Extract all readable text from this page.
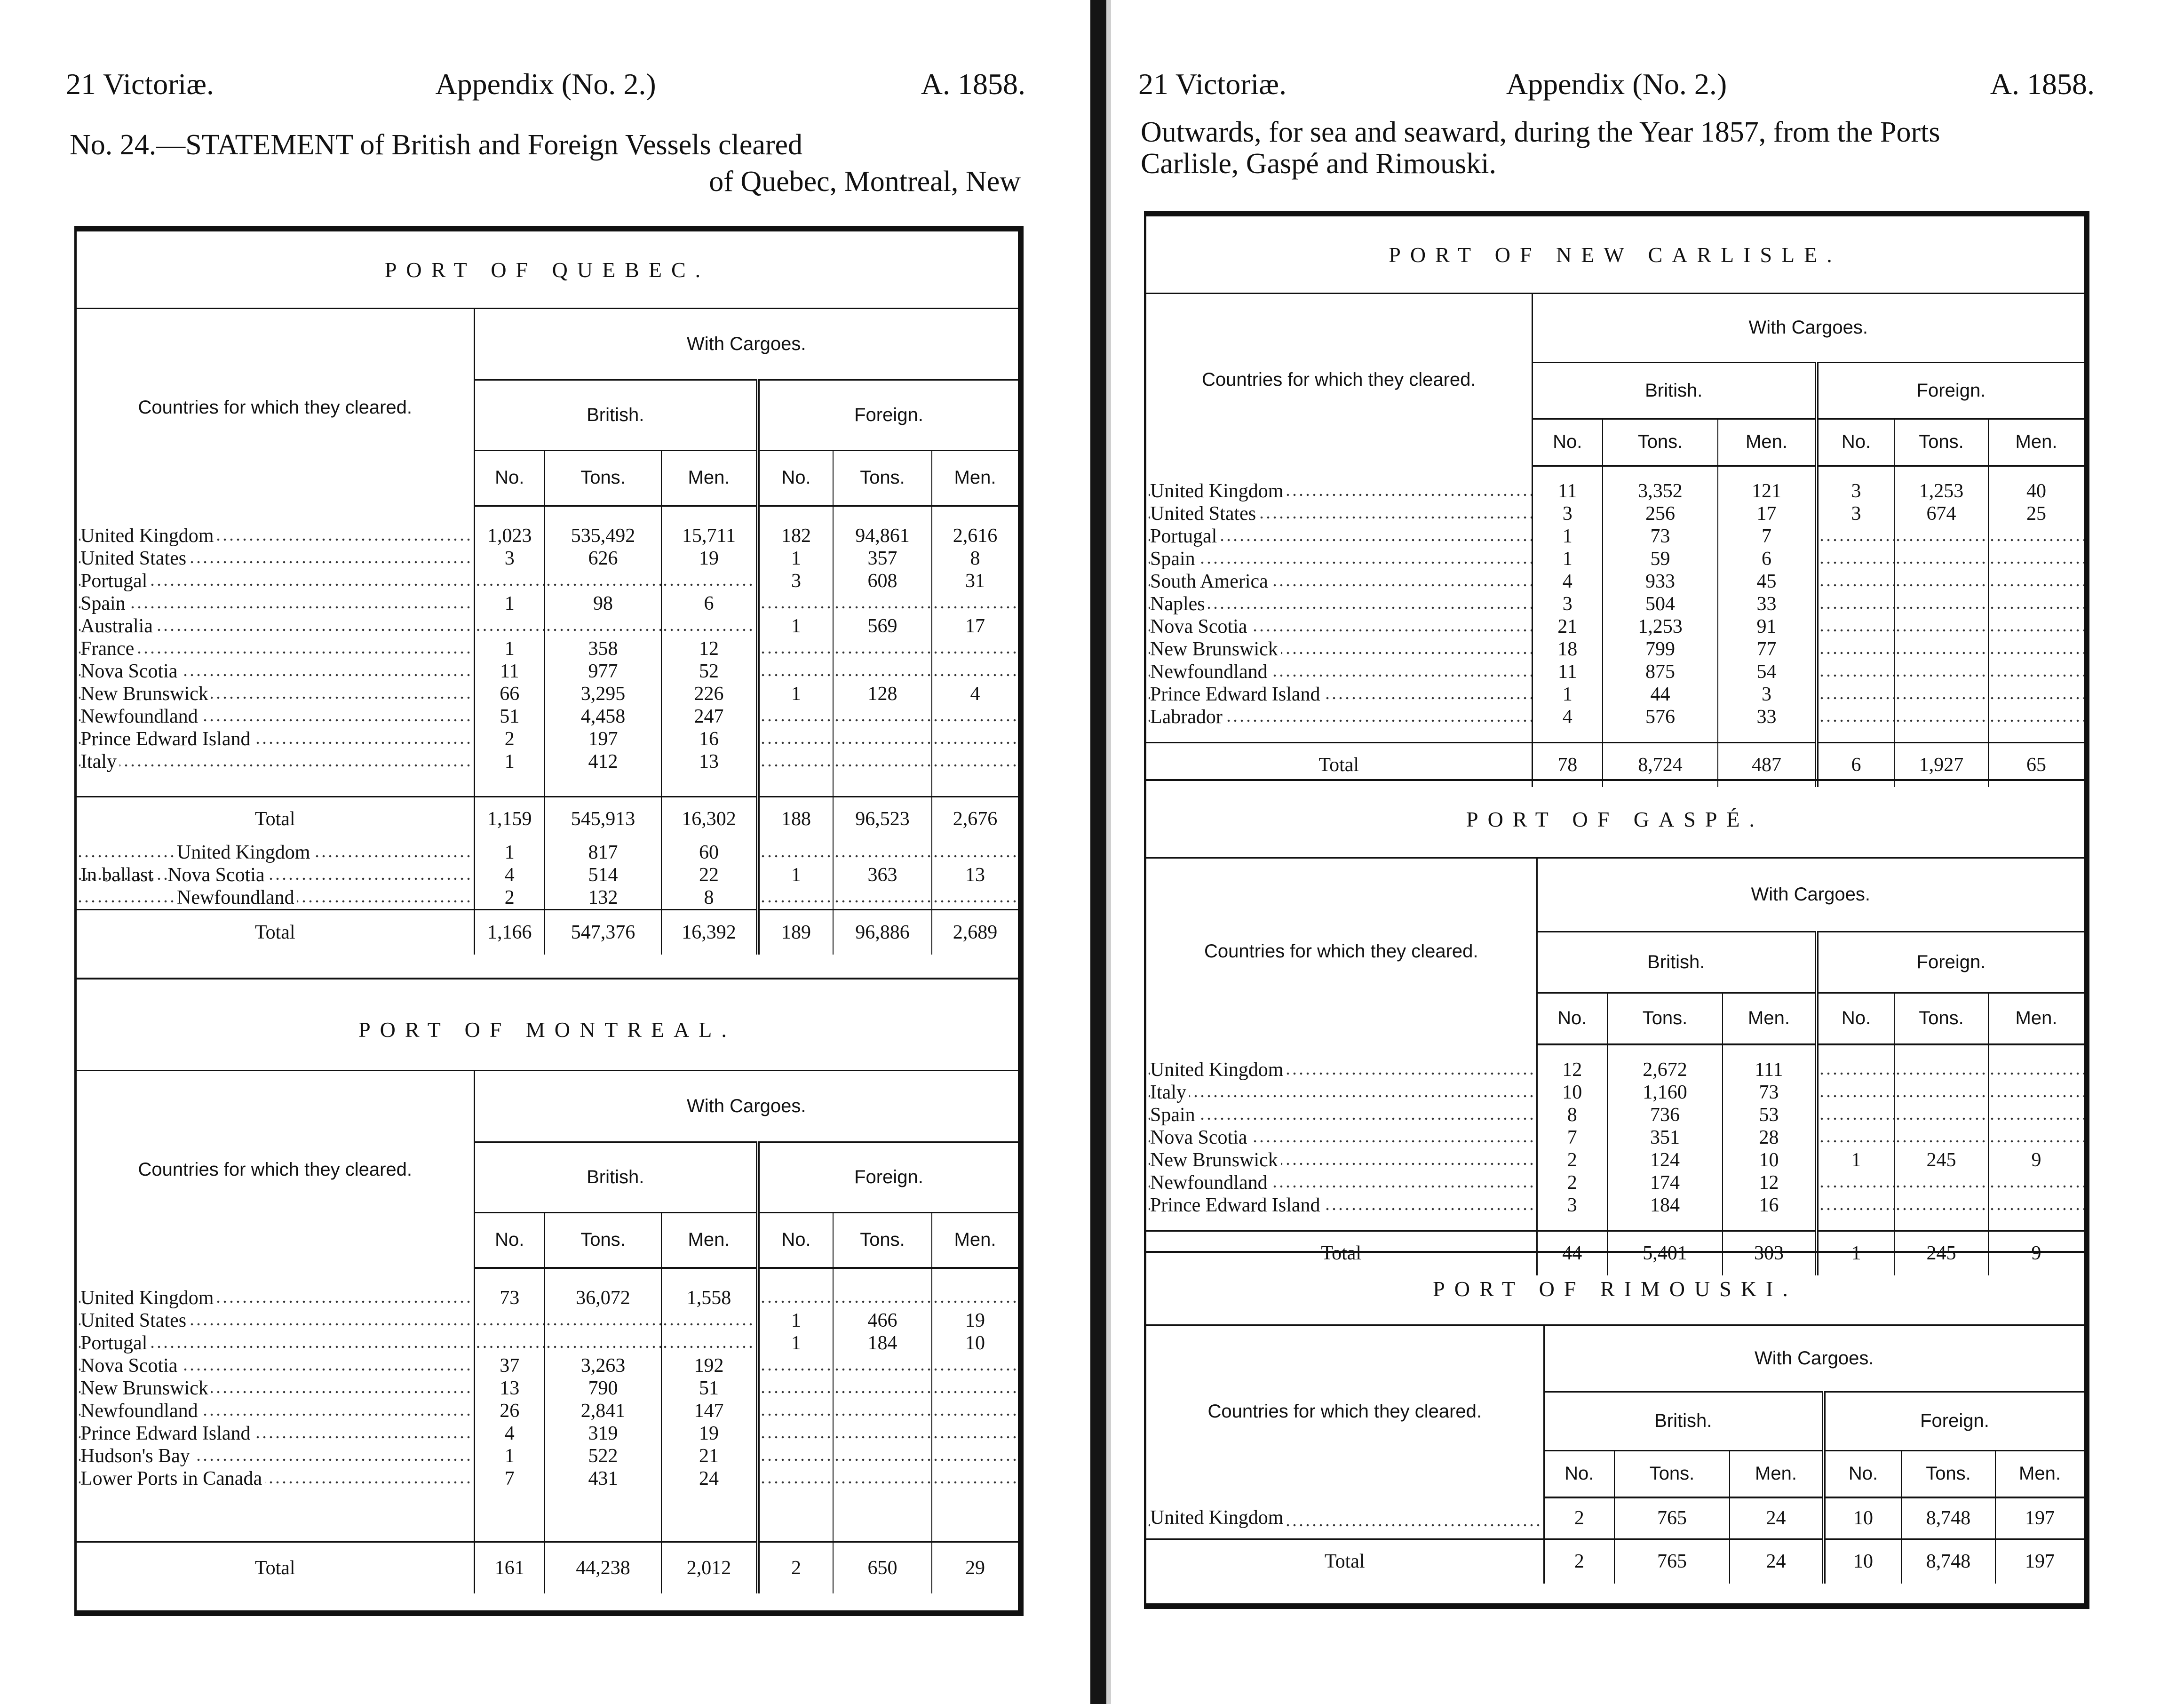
21 Victoriæ.	Appendix (No. 2.)	A. 1858.
No. 24.—STATEMENT of British and Foreign Vessels cleared
of Quebec, Montreal, New
PORT OF QUEBEC.
Countries for which they cleared.	With Cargoes.					
	British.			Foreign.		
	No.	Tons.	Men.	No.	Tons.	Men.

United Kingdom	1,023	535,492	15,711	182	94,861	2,616
United States	3	626	19	1	357	8
Portugal				3	608	31
Spain	1	98	6			
Australia				1	569	17
France	1	358	12			
Nova Scotia	11	977	52			
New Brunswick	66	3,295	226	1	128	4
Newfoundland	51	4,458	247			
Prince Edward Island	2	197	16			
Italy	1	412	13			

Total	1,159	545,913	16,302	188	96,523	2,676
United Kingdom	1	817	60			
In ballast Nova Scotia	4	514	22	1	363	13
Newfoundland	2	132	8			
Total	1,166	547,376	16,392	189	96,886	2,689
PORT OF MONTREAL.
Countries for which they cleared.	With Cargoes.					
	British.			Foreign.		
	No.	Tons.	Men.	No.	Tons.	Men.

United Kingdom	73	36,072	1,558			
United States				1	466	19
Portugal				1	184	10
Nova Scotia	37	3,263	192			
New Brunswick	13	790	51			
Newfoundland	26	2,841	147			
Prince Edward Island	4	319	19			
Hudson's Bay	1	522	21			
Lower Ports in Canada	7	431	24			

Total	161	44,238	2,012	2	650	29
21 Victoriæ.	Appendix (No. 2.)	A. 1858.
Outwards, for sea and seaward, during the Year 1857, from the Ports
Carlisle, Gaspé and Rimouski.
PORT OF NEW CARLISLE.
Countries for which they cleared.	With Cargoes.					
	British.			Foreign.		
	No.	Tons.	Men.	No.	Tons.	Men.

United Kingdom	11	3,352	121	3	1,253	40
United States	3	256	17	3	674	25
Portugal	1	73	7			
Spain	1	59	6			
South America	4	933	45			
Naples	3	504	33			
Nova Scotia	21	1,253	91			
New Brunswick	18	799	77			
Newfoundland	11	875	54			
Prince Edward Island	1	44	3			
Labrador	4	576	33			

Total	78	8,724	487	6	1,927	65
PORT OF GASPÉ.
Countries for which they cleared.	With Cargoes.					
	British.			Foreign.		
	No.	Tons.	Men.	No.	Tons.	Men.

United Kingdom	12	2,672	111			
Italy	10	1,160	73			
Spain	8	736	53			
Nova Scotia	7	351	28			
New Brunswick	2	124	10	1	245	9
Newfoundland	2	174	12			
Prince Edward Island	3	184	16			

Total	44	5,401	303	1	245	9
PORT OF RIMOUSKI.
Countries for which they cleared.	With Cargoes.					
	British.			Foreign.		
	No.	Tons.	Men.	No.	Tons.	Men.
United Kingdom	2	765	24	10	8,748	197
Total	2	765	24	10	8,748	197
